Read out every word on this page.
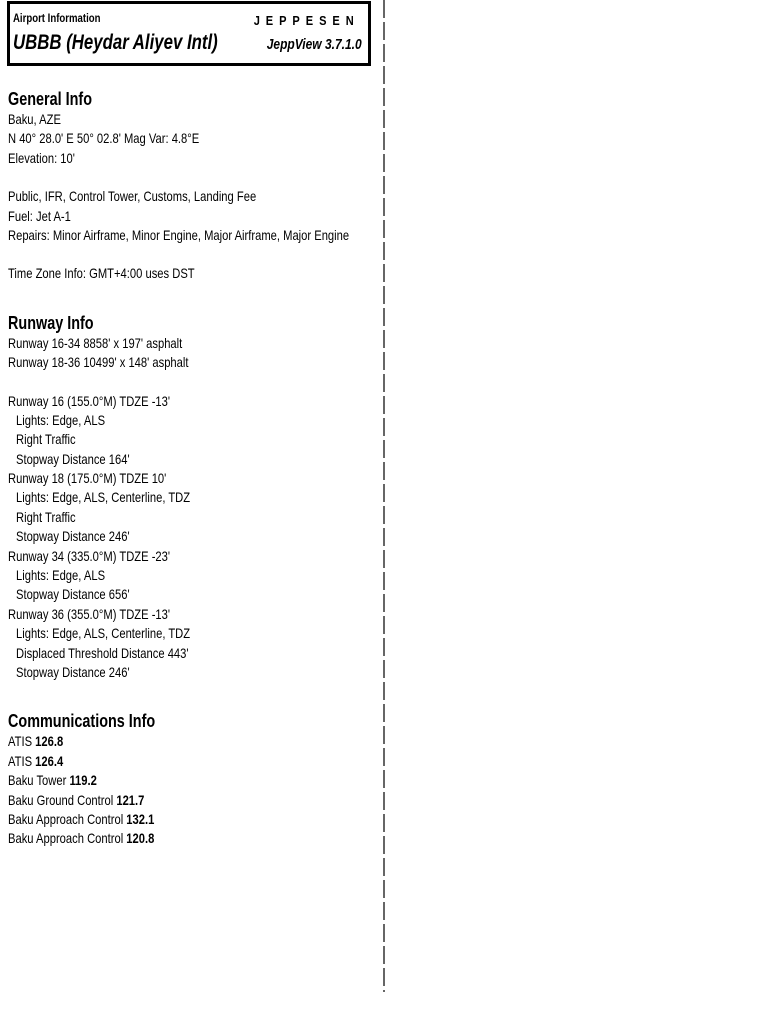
Airport Information
UBBB (Heydar Aliyev Intl)
JEPPESEN
JeppView 3.7.1.0
General Info
Baku, AZE
N 40° 28.0' E 50° 02.8' Mag Var: 4.8°E
Elevation: 10'
Public, IFR, Control Tower, Customs, Landing Fee
Fuel: Jet A-1
Repairs: Minor Airframe, Minor Engine, Major Airframe, Major Engine
Time Zone Info: GMT+4:00 uses DST
Runway Info
Runway 16-34 8858' x 197' asphalt
Runway 18-36 10499' x 148' asphalt
Runway 16 (155.0°M) TDZE -13'
Lights: Edge, ALS
Right Traffic
Stopway Distance 164'
Runway 18 (175.0°M) TDZE 10'
Lights: Edge, ALS, Centerline, TDZ
Right Traffic
Stopway Distance 246'
Runway 34 (335.0°M) TDZE -23'
Lights: Edge, ALS
Stopway Distance 656'
Runway 36 (355.0°M) TDZE -13'
Lights: Edge, ALS, Centerline, TDZ
Displaced Threshold Distance 443'
Stopway Distance 246'
Communications Info
ATIS 126.8
ATIS 126.4
Baku Tower 119.2
Baku Ground Control 121.7
Baku Approach Control 132.1
Baku Approach Control 120.8
